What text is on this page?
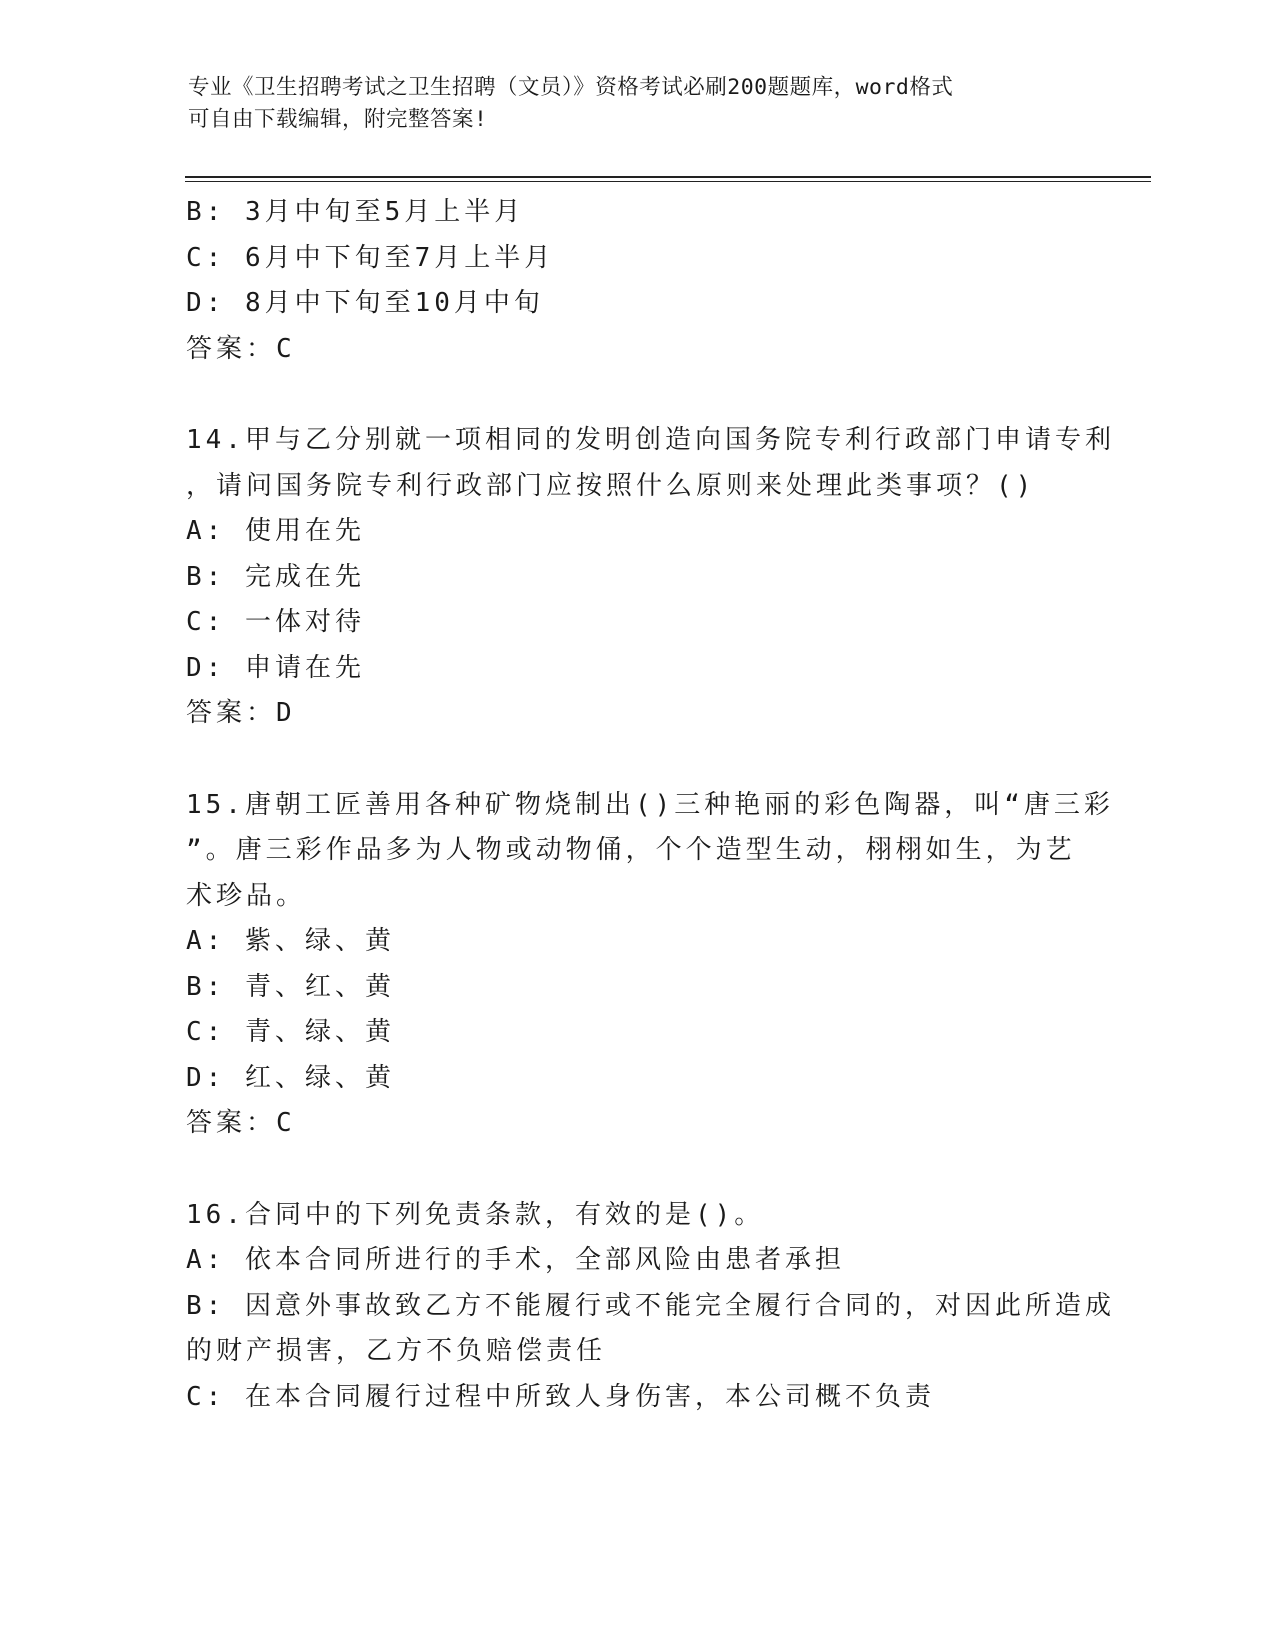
专业《卫生招聘考试之卫生招聘（文员）》资格考试必刷200题题库，word格式
可自由下载编辑，附完整答案!
B: 3月中旬至5月上半月
C: 6月中下旬至7月上半月
D: 8月中下旬至10月中旬
答案：C
14.甲与乙分别就一项相同的发明创造向国务院专利行政部门申请专利
，请问国务院专利行政部门应按照什么原则来处理此类事项？()
A: 使用在先
B: 完成在先
C: 一体对待
D: 申请在先
答案：D
15.唐朝工匠善用各种矿物烧制出()三种艳丽的彩色陶器，叫“唐三彩
”。唐三彩作品多为人物或动物俑，个个造型生动，栩栩如生，为艺
术珍品。
A: 紫、绿、黄
B: 青、红、黄
C: 青、绿、黄
D: 红、绿、黄
答案：C
16.合同中的下列免责条款，有效的是()。
A: 依本合同所进行的手术，全部风险由患者承担
B: 因意外事故致乙方不能履行或不能完全履行合同的，对因此所造成
的财产损害，乙方不负赔偿责任
C: 在本合同履行过程中所致人身伤害，本公司概不负责
